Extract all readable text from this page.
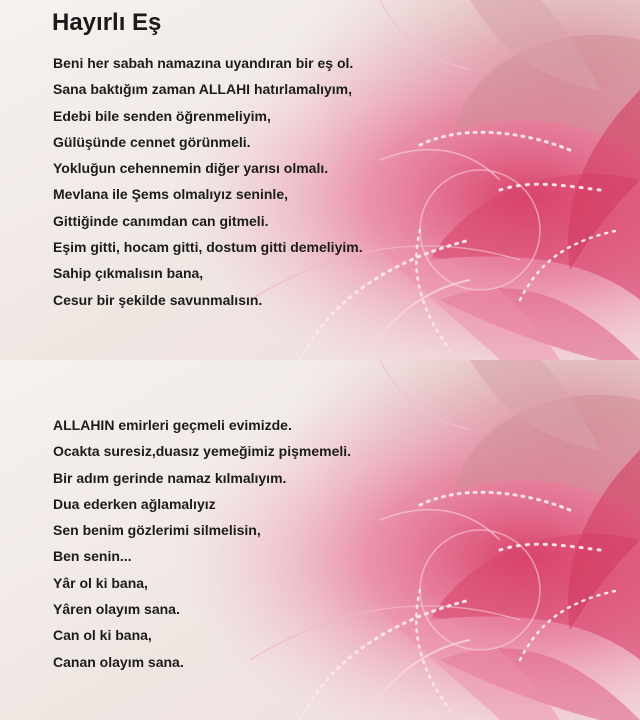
Hayırlı Eş
Beni her sabah namazına uyandıran bir eş ol.
Sana baktığım zaman ALLAHI hatırlamalıyım,
Edebi bile senden öğrenmeliyim,
Gülüşünde cennet görünmeli.
Yokluğun cehennemin diğer yarısı olmalı.
Mevlana ile Şems olmalıyız seninle,
Gittiğinde canımdan can gitmeli.
Eşim gitti, hocam gitti, dostum gitti demeliyim.
Sahip çıkmalısın bana,
Cesur bir şekilde savunmalısın.
ALLAHIN emirleri geçmeli evimizde.
Ocakta suresiz,duasız yemeğimiz pişmemeli.
Bir adım gerinde namaz kılmalıyım.
Dua ederken ağlamalıyız
Sen benim gözlerimi silmelisin,
Ben senin...
Yâr ol ki bana,
Yâren olayım sana.
Can ol ki bana,
Canan olayım sana.
